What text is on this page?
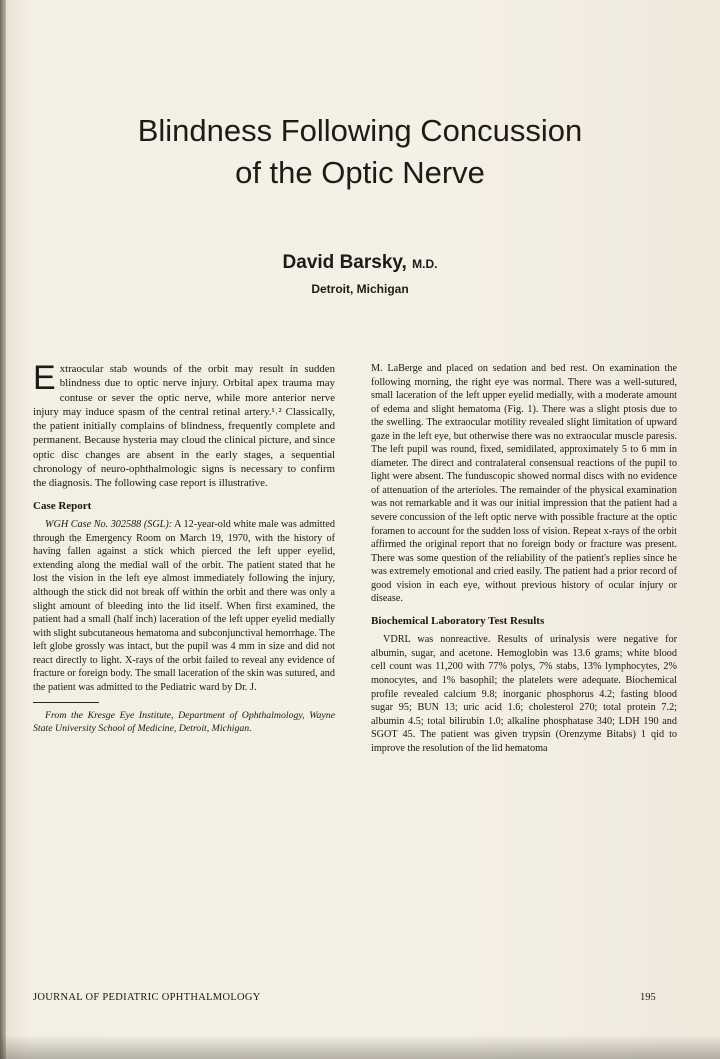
Blindness Following Concussion
of the Optic Nerve
David Barsky, M.D.
Detroit, Michigan

Extraocular stab wounds of the orbit may result in sudden blindness due to optic nerve injury. Orbital apex trauma may contuse or sever the optic nerve, while more anterior nerve injury may induce spasm of the central retinal artery.¹˒² Classically, the patient initially complains of blindness, frequently complete and permanent. Because hysteria may cloud the clinical picture, and since optic disc changes are absent in the early stages, a sequential chronology of neuro-ophthalmologic signs is necessary to confirm the diagnosis. The following case report is illustrative.

Case Report

WGH Case No. 302588 (SGL): A 12-year-old white male was admitted through the Emergency Room on March 19, 1970, with the history of having fallen against a stick which pierced the left upper eyelid, extending along the medial wall of the orbit. The patient stated that he lost the vision in the left eye almost immediately following the injury, although the stick did not break off within the orbit and there was only a slight amount of bleeding into the lid itself. When first examined, the patient had a small (half inch) laceration of the left upper eyelid medially with slight subcutaneous hematoma and subconjunctival hemorrhage. The left globe grossly was intact, but the pupil was 4 mm in size and did not react directly to light. X-rays of the orbit failed to reveal any evidence of fracture or foreign body. The small laceration of the skin was sutured, and the patient was admitted to the Pediatric ward by Dr. J.

From the Kresge Eye Institute, Department of Ophthalmology, Wayne State University School of Medicine, Detroit, Michigan.

M. LaBerge and placed on sedation and bed rest. On examination the following morning, the right eye was normal. There was a well-sutured, small laceration of the left upper eyelid medially, with a moderate amount of edema and slight hematoma (Fig. 1). There was a slight ptosis due to the swelling. The extraocular motility revealed slight limitation of upward gaze in the left eye, but otherwise there was no extraocular muscle paresis. The left pupil was round, fixed, semidilated, approximately 5 to 6 mm in diameter. The direct and contralateral consensual reactions of the pupil to light were absent. The funduscopic showed normal discs with no evidence of attenuation of the arterioles. The remainder of the physical examination was not remarkable and it was our initial impression that the patient had a severe concussion of the left optic nerve with possible fracture at the optic foramen to account for the sudden loss of vision. Repeat x-rays of the orbit affirmed the original report that no foreign body or fracture was present. There was some question of the reliability of the patient's replies since he was extremely emotional and cried easily. The patient had a prior record of good vision in each eye, without previous history of ocular injury or disease.

Biochemical Laboratory Test Results

VDRL was nonreactive. Results of urinalysis were negative for albumin, sugar, and acetone. Hemoglobin was 13.6 grams; white blood cell count was 11,200 with 77% polys, 7% stabs, 13% lymphocytes, 2% monocytes, and 1% basophil; the platelets were adequate. Biochemical profile revealed calcium 9.8; inorganic phosphorus 4.2; fasting blood sugar 95; BUN 13; uric acid 1.6; cholesterol 270; total protein 7.2; albumin 4.5; total bilirubin 1.0; alkaline phosphatase 340; LDH 190 and SGOT 45. The patient was given trypsin (Orenzyme Bitabs) 1 qid to improve the resolution of the lid hematoma

JOURNAL OF PEDIATRIC OPHTHALMOLOGY	195
